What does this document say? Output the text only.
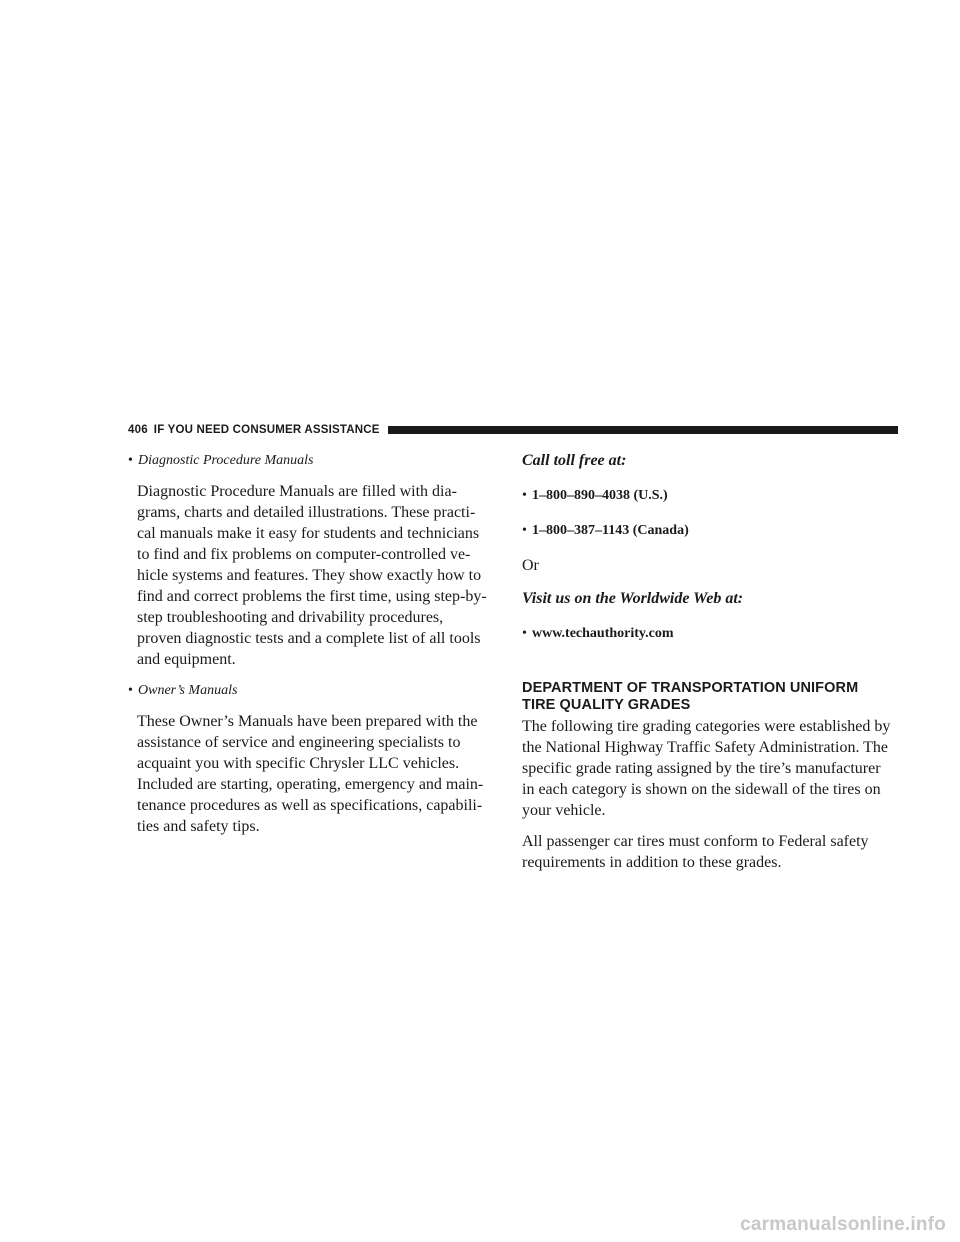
406 IF YOU NEED CONSUMER ASSISTANCE
• Diagnostic Procedure Manuals
Diagnostic Procedure Manuals are filled with dia-
grams, charts and detailed illustrations. These practi-
cal manuals make it easy for students and technicians
to find and fix problems on computer-controlled ve-
hicle systems and features. They show exactly how to
find and correct problems the first time, using step-by-
step troubleshooting and drivability procedures,
proven diagnostic tests and a complete list of all tools
and equipment.
• Owner’s Manuals
These Owner’s Manuals have been prepared with the
assistance of service and engineering specialists to
acquaint you with specific Chrysler LLC vehicles.
Included are starting, operating, emergency and main-
tenance procedures as well as specifications, capabili-
ties and safety tips.
Call toll free at:
• 1–800–890–4038 (U.S.)
• 1–800–387–1143 (Canada)
Or
Visit us on the Worldwide Web at:
• www.techauthority.com
DEPARTMENT OF TRANSPORTATION UNIFORM
TIRE QUALITY GRADES
The following tire grading categories were established by
the National Highway Traffic Safety Administration. The
specific grade rating assigned by the tire’s manufacturer
in each category is shown on the sidewall of the tires on
your vehicle.
All passenger car tires must conform to Federal safety
requirements in addition to these grades.
carmanualsonline.info
